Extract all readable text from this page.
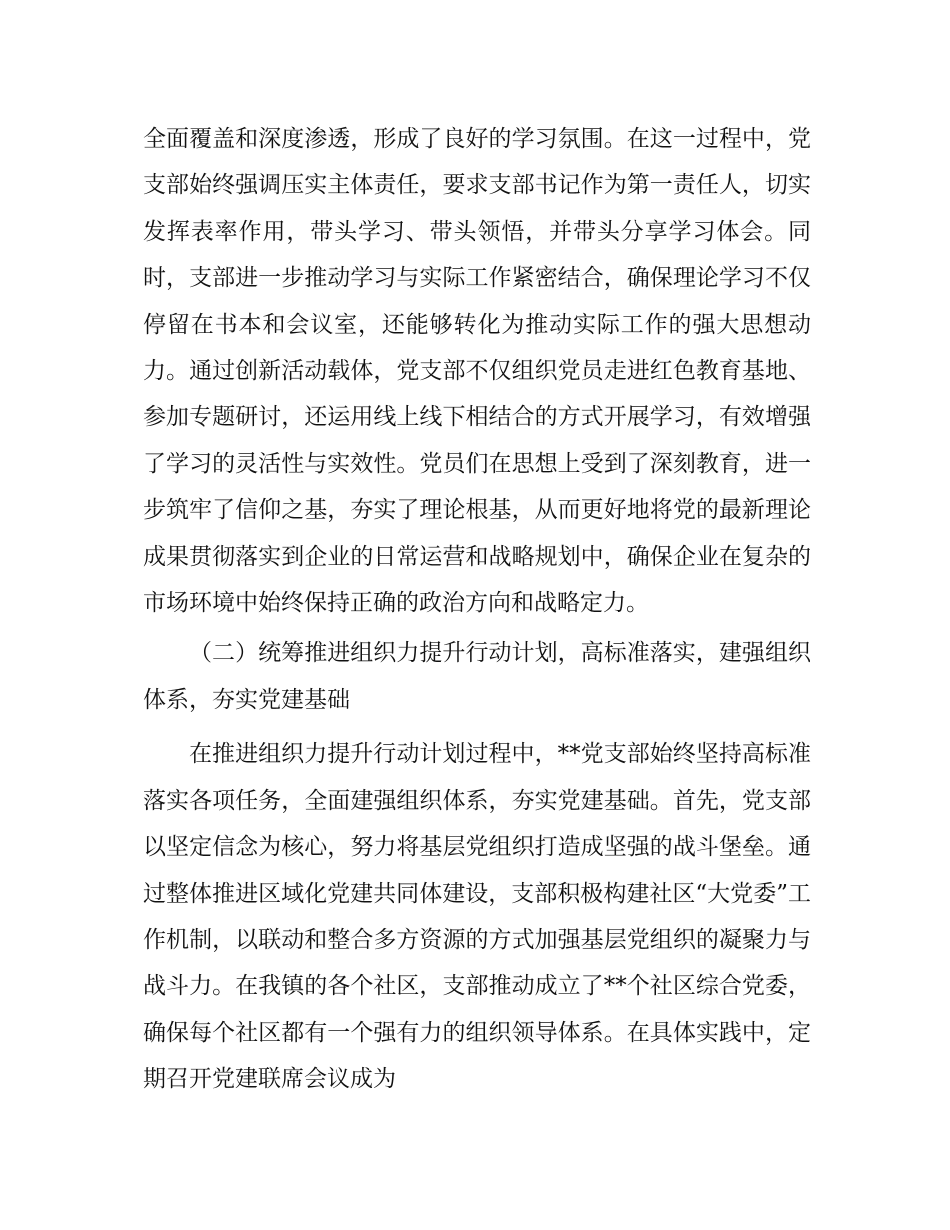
全面覆盖和深度渗透，形成了良好的学习氛围。在这一过程中，党支部始终强调压实主体责任，要求支部书记作为第一责任人，切实发挥表率作用，带头学习、带头领悟，并带头分享学习体会。同时，支部进一步推动学习与实际工作紧密结合，确保理论学习不仅停留在书本和会议室，还能够转化为推动实际工作的强大思想动力。通过创新活动载体，党支部不仅组织党员走进红色教育基地、参加专题研讨，还运用线上线下相结合的方式开展学习，有效增强了学习的灵活性与实效性。党员们在思想上受到了深刻教育，进一步筑牢了信仰之基，夯实了理论根基，从而更好地将党的最新理论成果贯彻落实到企业的日常运营和战略规划中，确保企业在复杂的市场环境中始终保持正确的政治方向和战略定力。

（二）统筹推进组织力提升行动计划，高标准落实，建强组织体系，夯实党建基础

在推进组织力提升行动计划过程中，**党支部始终坚持高标准落实各项任务，全面建强组织体系，夯实党建基础。首先，党支部以坚定信念为核心，努力将基层党组织打造成坚强的战斗堡垒。通过整体推进区域化党建共同体建设，支部积极构建社区“大党委”工作机制，以联动和整合多方资源的方式加强基层党组织的凝聚力与战斗力。在我镇的各个社区，支部推动成立了**个社区综合党委，确保每个社区都有一个强有力的组织领导体系。在具体实践中，定期召开党建联席会议成为
